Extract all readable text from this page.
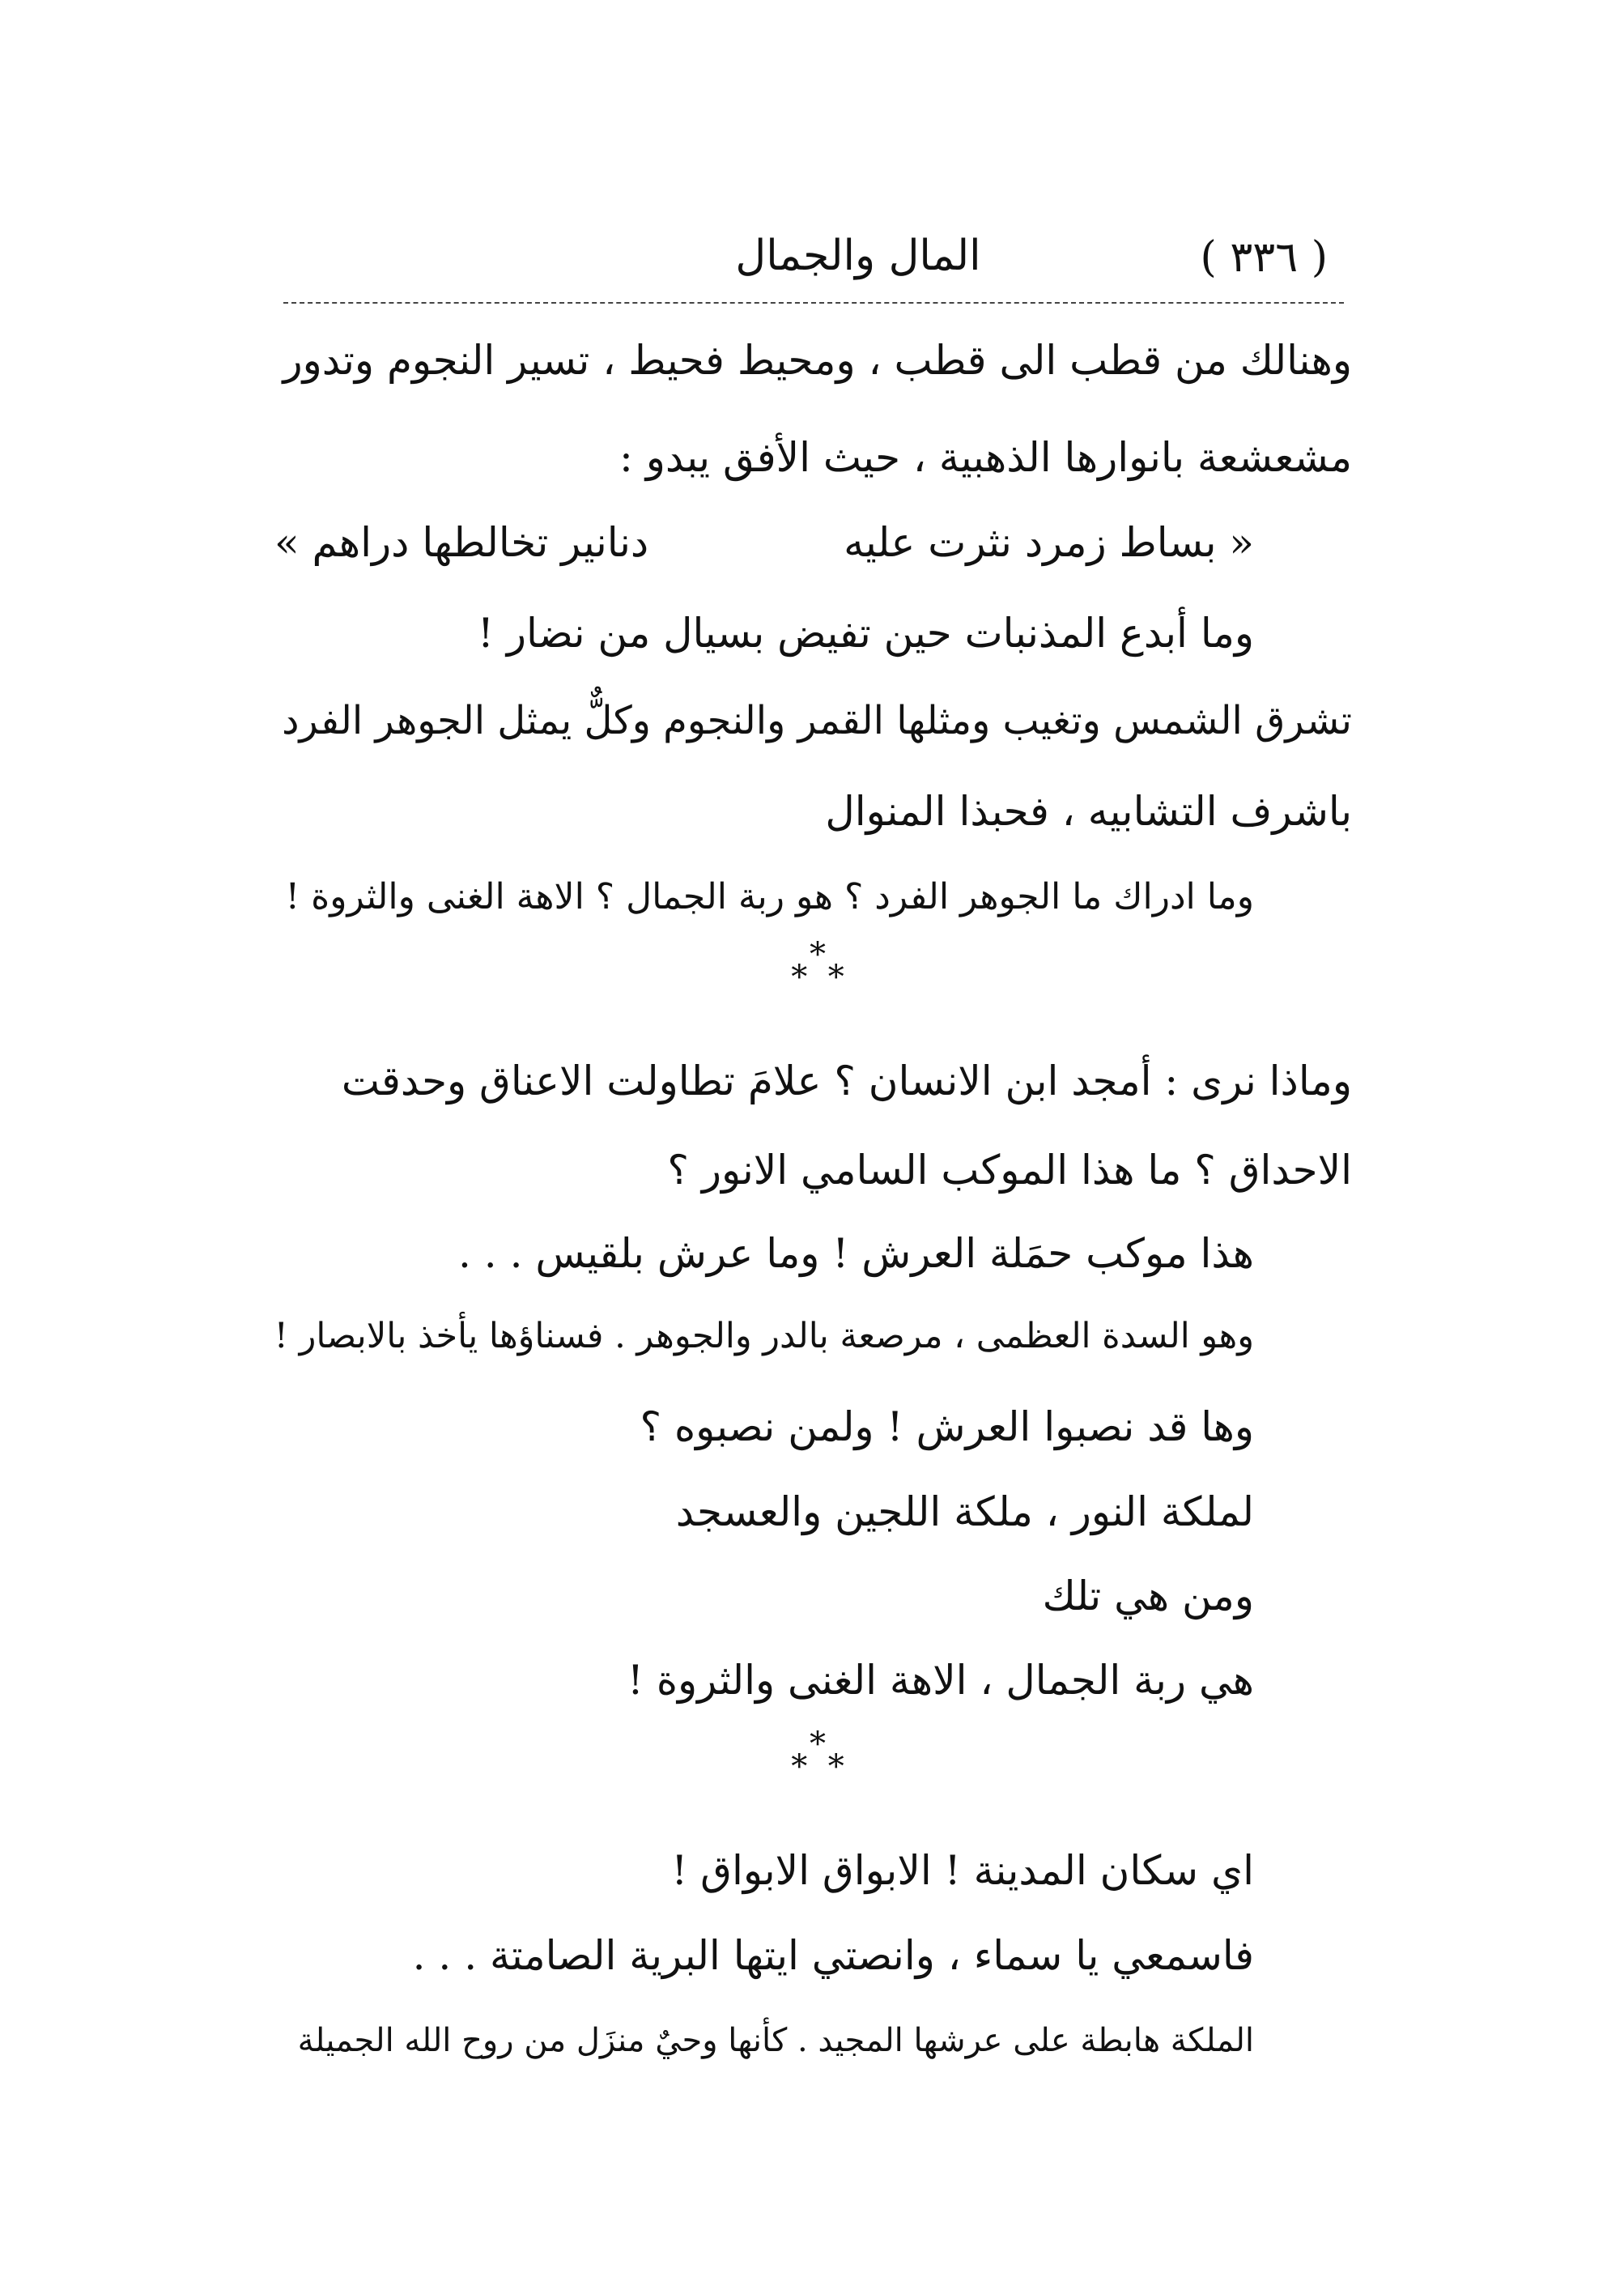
( ٣٣٦ )
المال والجمال
وهنالك من قطب الى قطب ، ومحيط فحيط ، تسير النجوم وتدور
مشعشعة بانوارها الذهبية ، حيث الأفق يبدو :
« بساط زمرد نثرت عليه
دنانير تخالطها دراهم »
وما أبدع المذنبات حين تفيض بسيال من نضار !
تشرق الشمس وتغيب ومثلها القمر والنجوم وكلٌّ يمثل الجوهر الفرد
باشرف التشابيه ، فحبذا المنوال
وما ادراك ما الجوهر الفرد ؟ هو ربة الجمال ؟ الاهة الغنى والثروة !
*
* *
وماذا نرى : أمجد ابن الانسان ؟ علامَ تطاولت الاعناق وحدقت
الاحداق ؟ ما هذا الموكب السامي الانور ؟
هذا موكب حمَلة العرش ! وما عرش بلقيس . . .
وهو السدة العظمى ، مرصعة بالدر والجوهر . فسناؤها يأخذ بالابصار !
وها قد نصبوا العرش ! ولمن نصبوه ؟
لملكة النور ، ملكة اللجين والعسجد
ومن هي تلك
هي ربة الجمال ، الاهة الغنى والثروة !
*
* *
اي سكان المدينة ! الابواق الابواق !
فاسمعي يا سماء ، وانصتي ايتها البرية الصامتة . . .
الملكة هابطة على عرشها المجيد . كأنها وحيٌ منزَل من روح الله الجميلة
